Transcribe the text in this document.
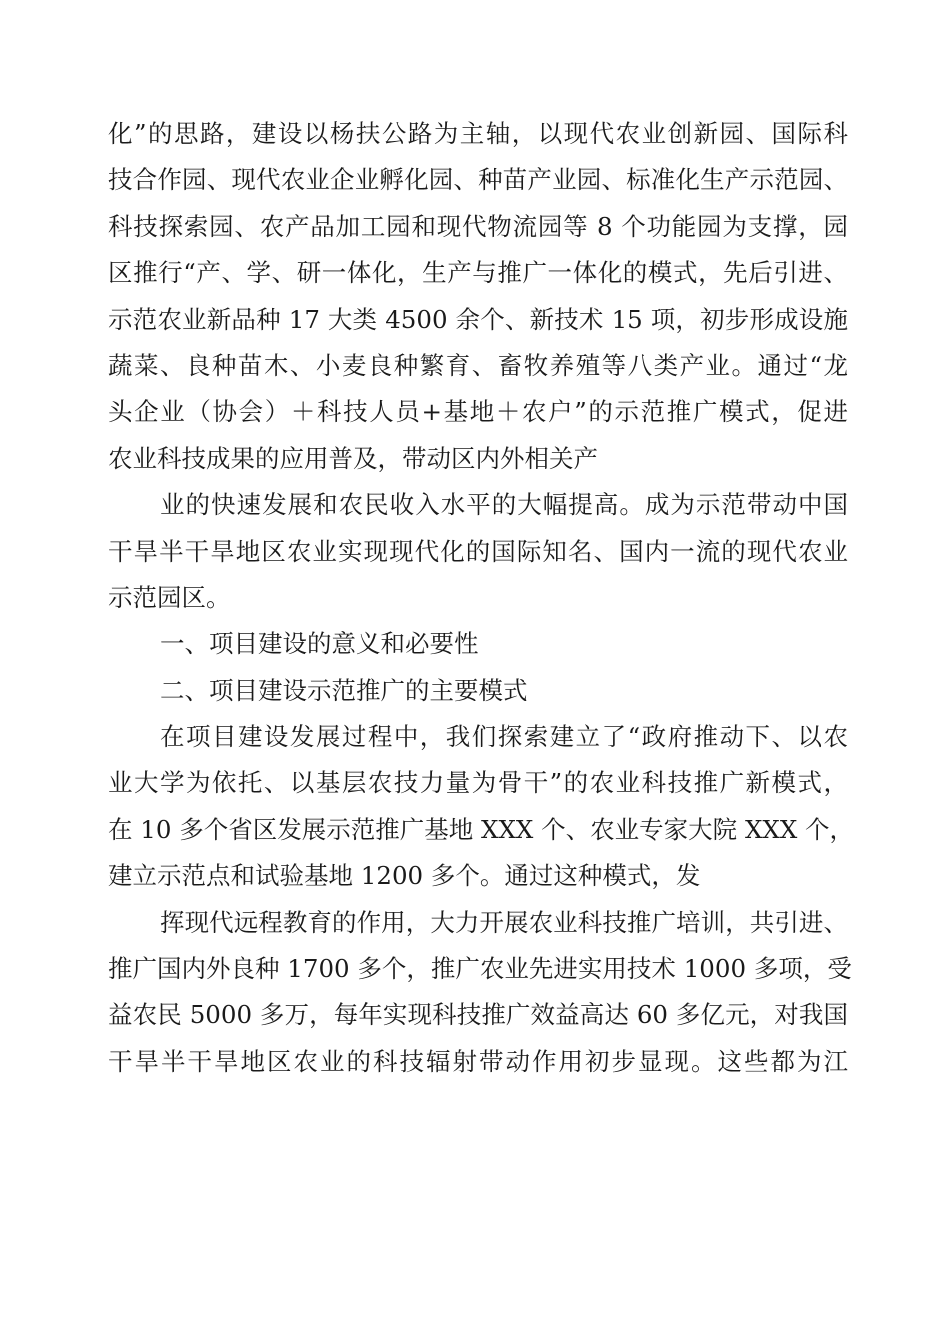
化”的思路，建设以杨扶公路为主轴，以现代农业创新园、国际科
技合作园、现代农业企业孵化园、种苗产业园、标准化生产示范园、
科技探索园、农产品加工园和现代物流园等 8 个功能园为支撑，园
区推行“产、学、研一体化，生产与推广一体化的模式，先后引进、
示范农业新品种 17 大类 4500 余个、新技术 15 项，初步形成设施
蔬菜、良种苗木、小麦良种繁育、畜牧养殖等八类产业。通过“龙
头企业（协会）＋科技人员+基地＋农户”的示范推广模式，促进
农业科技成果的应用普及，带动区内外相关产
业的快速发展和农民收入水平的大幅提高。成为示范带动中国
干旱半干旱地区农业实现现代化的国际知名、国内一流的现代农业
示范园区。
一、项目建设的意义和必要性
二、项目建设示范推广的主要模式
在项目建设发展过程中，我们探索建立了“政府推动下、以农
业大学为依托、以基层农技力量为骨干”的农业科技推广新模式，
在 10 多个省区发展示范推广基地 XXX 个、农业专家大院 XXX 个，
建立示范点和试验基地 1200 多个。通过这种模式，发
挥现代远程教育的作用，大力开展农业科技推广培训，共引进、
推广国内外良种 1700 多个，推广农业先进实用技术 1000 多项，受
益农民 5000 多万，每年实现科技推广效益高达 60 多亿元，对我国
干旱半干旱地区农业的科技辐射带动作用初步显现。这些都为江
